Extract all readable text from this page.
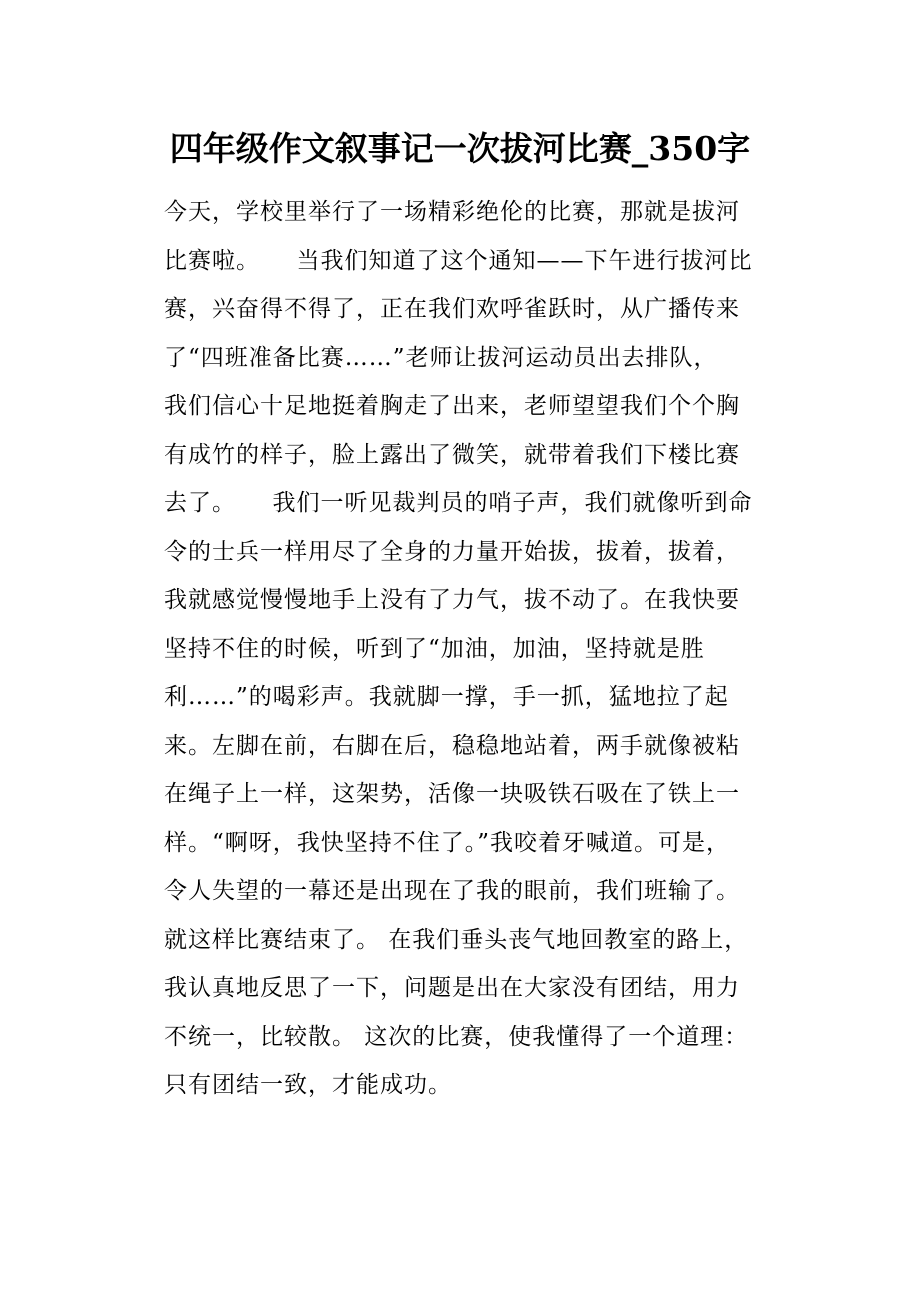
四年级作文叙事记一次拔河比赛_350字
今天，学校里举行了一场精彩绝伦的比赛，那就是拔河
比赛啦。　　当我们知道了这个通知——下午进行拔河比
赛，兴奋得不得了，正在我们欢呼雀跃时，从广播传来
了“四班准备比赛……”老师让拔河运动员出去排队，
我们信心十足地挺着胸走了出来，老师望望我们个个胸
有成竹的样子，脸上露出了微笑，就带着我们下楼比赛
去了。　　我们一听见裁判员的哨子声，我们就像听到命
令的士兵一样用尽了全身的力量开始拔，拔着，拔着，
我就感觉慢慢地手上没有了力气，拔不动了。在我快要
坚持不住的时候，听到了“加油，加油，坚持就是胜
利……”的喝彩声。我就脚一撑，手一抓，猛地拉了起
来。左脚在前，右脚在后，稳稳地站着，两手就像被粘
在绳子上一样，这架势，活像一块吸铁石吸在了铁上一
样。“啊呀，我快坚持不住了。”我咬着牙喊道。可是，
令人失望的一幕还是出现在了我的眼前，我们班输了。
就这样比赛结束了。 在我们垂头丧气地回教室的路上，
我认真地反思了一下，问题是出在大家没有团结，用力
不统一，比较散。 这次的比赛，使我懂得了一个道理：
只有团结一致，才能成功。
